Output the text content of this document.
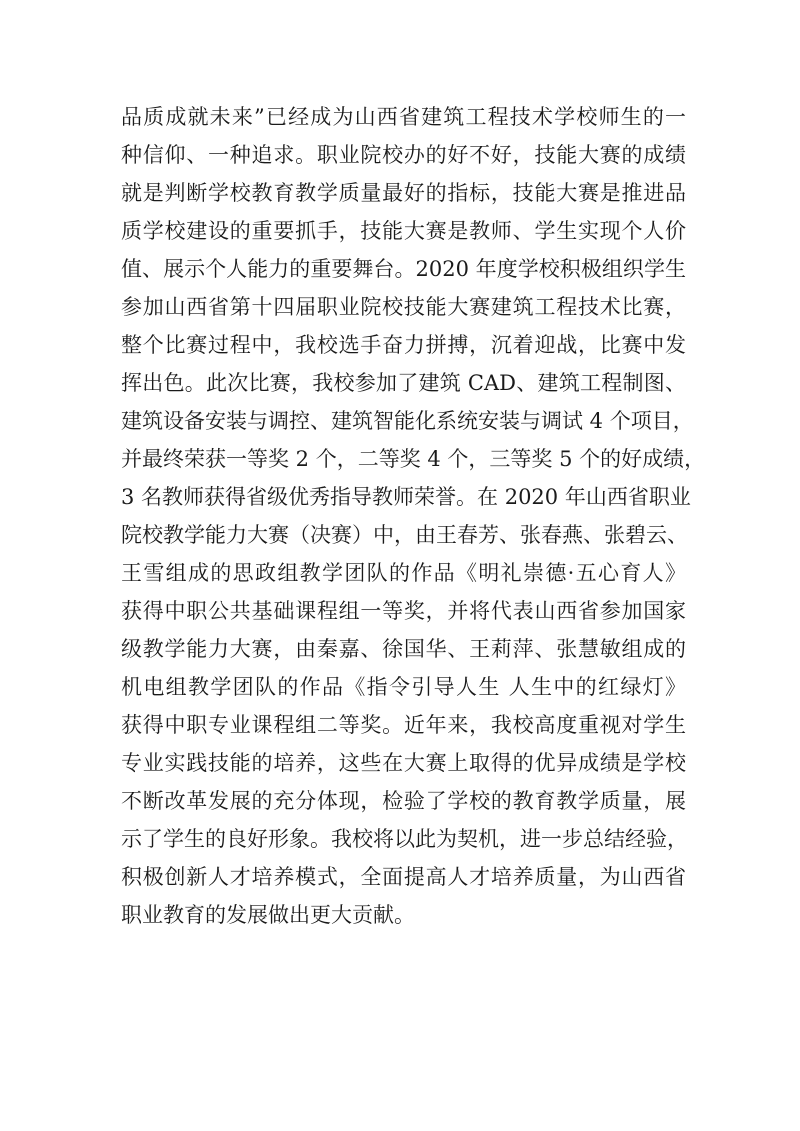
品质成就未来”已经成为山西省建筑工程技术学校师生的一
种信仰、一种追求。职业院校办的好不好，技能大赛的成绩
就是判断学校教育教学质量最好的指标，技能大赛是推进品
质学校建设的重要抓手，技能大赛是教师、学生实现个人价
值、展示个人能力的重要舞台。2020 年度学校积极组织学生
参加山西省第十四届职业院校技能大赛建筑工程技术比赛，
整个比赛过程中，我校选手奋力拼搏，沉着迎战，比赛中发
挥出色。此次比赛，我校参加了建筑 CAD、建筑工程制图、
建筑设备安装与调控、建筑智能化系统安装与调试 4 个项目，
并最终荣获一等奖 2 个，二等奖 4 个，三等奖 5 个的好成绩，
3 名教师获得省级优秀指导教师荣誉。在 2020 年山西省职业
院校教学能力大赛（决赛）中，由王春芳、张春燕、张碧云、
王雪组成的思政组教学团队的作品《明礼崇德·五心育人》
获得中职公共基础课程组一等奖，并将代表山西省参加国家
级教学能力大赛，由秦嘉、徐国华、王莉萍、张慧敏组成的
机电组教学团队的作品《指令引导人生 人生中的红绿灯》
获得中职专业课程组二等奖。近年来，我校高度重视对学生
专业实践技能的培养，这些在大赛上取得的优异成绩是学校
不断改革发展的充分体现，检验了学校的教育教学质量，展
示了学生的良好形象。我校将以此为契机，进一步总结经验，
积极创新人才培养模式，全面提高人才培养质量，为山西省
职业教育的发展做出更大贡献。
